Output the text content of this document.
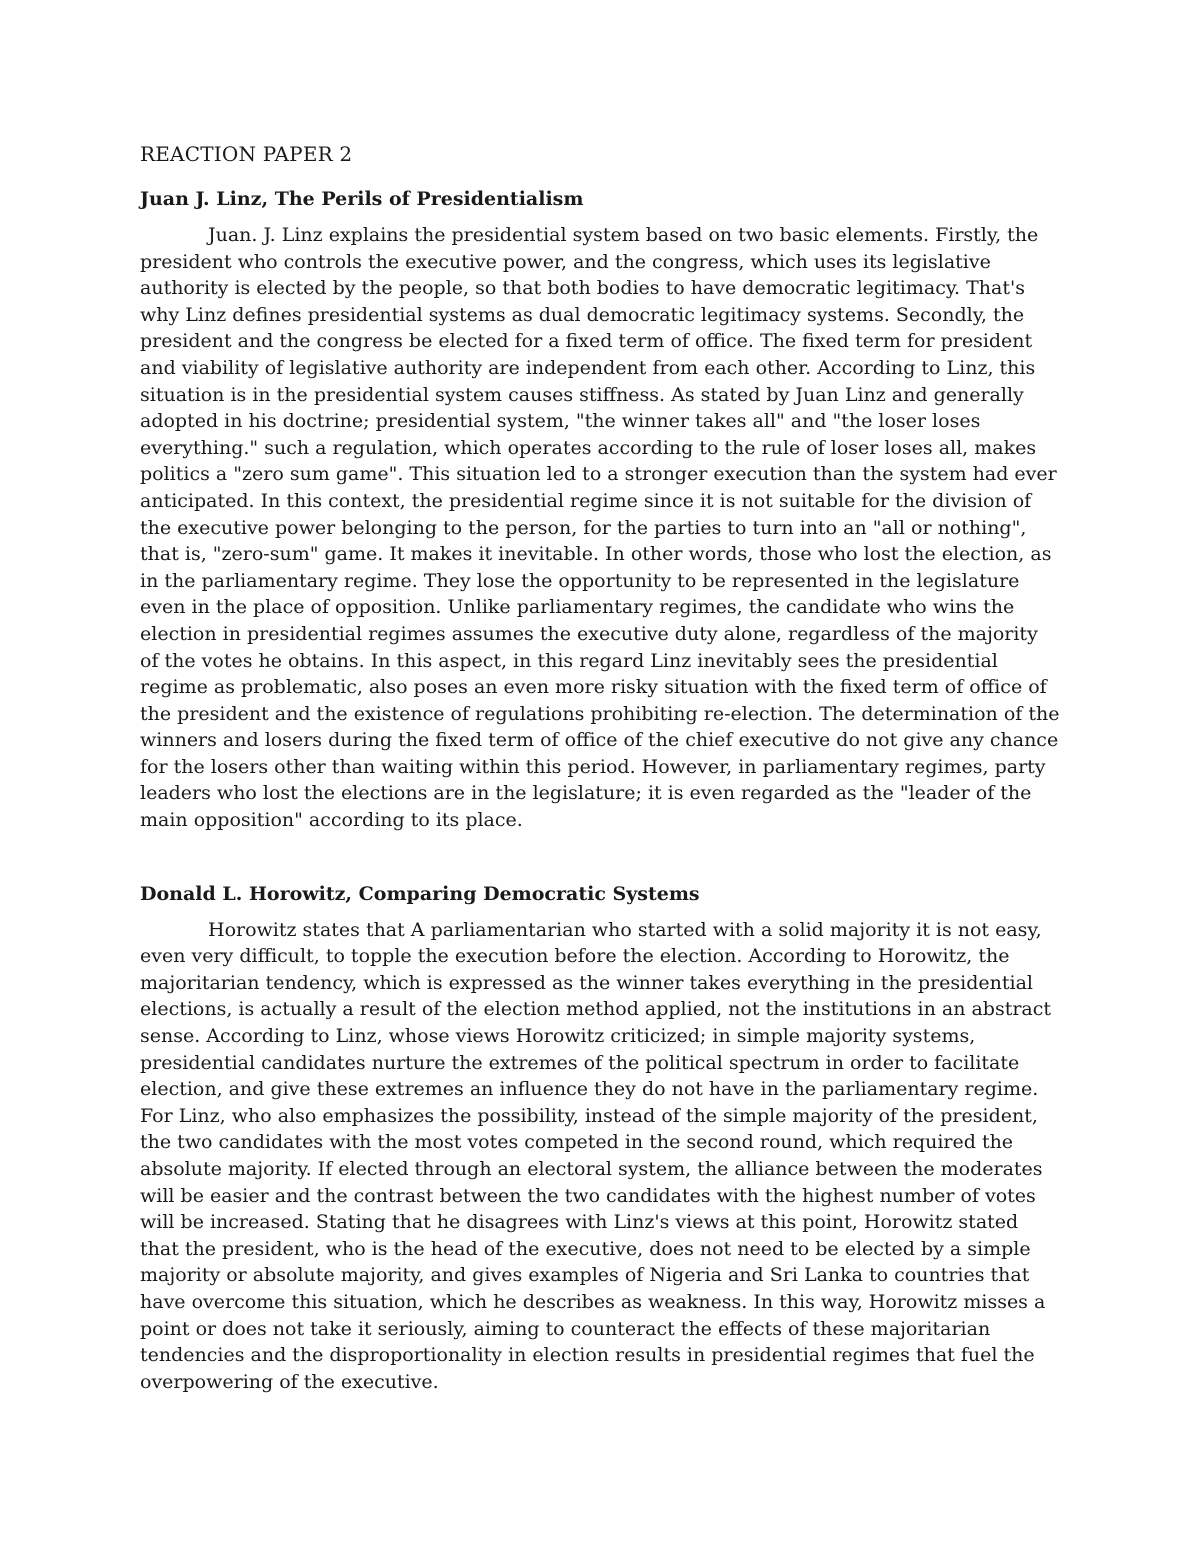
REACTION PAPER 2
Juan J. Linz, The Perils of Presidentialism

Juan. J. Linz explains the presidential system based on two basic elements. Firstly, the president who controls the executive power, and the congress, which uses its legislative authority is elected by the people, so that both bodies to have democratic legitimacy. That's why Linz defines presidential systems as dual democratic legitimacy systems. Secondly, the president and the congress be elected for a fixed term of office. The fixed term for president and viability of legislative authority are independent from each other. According to Linz, this situation is in the presidential system causes stiffness. As stated by Juan Linz and generally adopted in his doctrine; presidential system, "the winner takes all" and "the loser loses everything." such a regulation, which operates according to the rule of loser loses all, makes politics a "zero sum game". This situation led to a stronger execution than the system had ever anticipated. In this context, the presidential regime since it is not suitable for the division of the executive power belonging to the person, for the parties to turn into an "all or nothing", that is, "zero-sum" game. It makes it inevitable. In other words, those who lost the election, as in the parliamentary regime. They lose the opportunity to be represented in the legislature even in the place of opposition. Unlike parliamentary regimes, the candidate who wins the election in presidential regimes assumes the executive duty alone, regardless of the majority of the votes he obtains. In this aspect, in this regard Linz inevitably sees the presidential regime as problematic, also poses an even more risky situation with the fixed term of office of the president and the existence of regulations prohibiting re-election. The determination of the winners and losers during the fixed term of office of the chief executive do not give any chance for the losers other than waiting within this period. However, in parliamentary regimes, party leaders who lost the elections are in the legislature; it is even regarded as the "leader of the main opposition" according to its place.

Donald L. Horowitz, Comparing Democratic Systems

Horowitz states that A parliamentarian who started with a solid majority it is not easy, even very difficult, to topple the execution before the election. According to Horowitz, the majoritarian tendency, which is expressed as the winner takes everything in the presidential elections, is actually a result of the election method applied, not the institutions in an abstract sense. According to Linz, whose views Horowitz criticized; in simple majority systems, presidential candidates nurture the extremes of the political spectrum in order to facilitate election, and give these extremes an influence they do not have in the parliamentary regime. For Linz, who also emphasizes the possibility, instead of the simple majority of the president, the two candidates with the most votes competed in the second round, which required the absolute majority. If elected through an electoral system, the alliance between the moderates will be easier and the contrast between the two candidates with the highest number of votes will be increased. Stating that he disagrees with Linz's views at this point, Horowitz stated that the president, who is the head of the executive, does not need to be elected by a simple majority or absolute majority, and gives examples of Nigeria and Sri Lanka to countries that have overcome this situation, which he describes as weakness. In this way, Horowitz misses a point or does not take it seriously, aiming to counteract the effects of these majoritarian tendencies and the disproportionality in election results in presidential regimes that fuel the overpowering of the executive.
